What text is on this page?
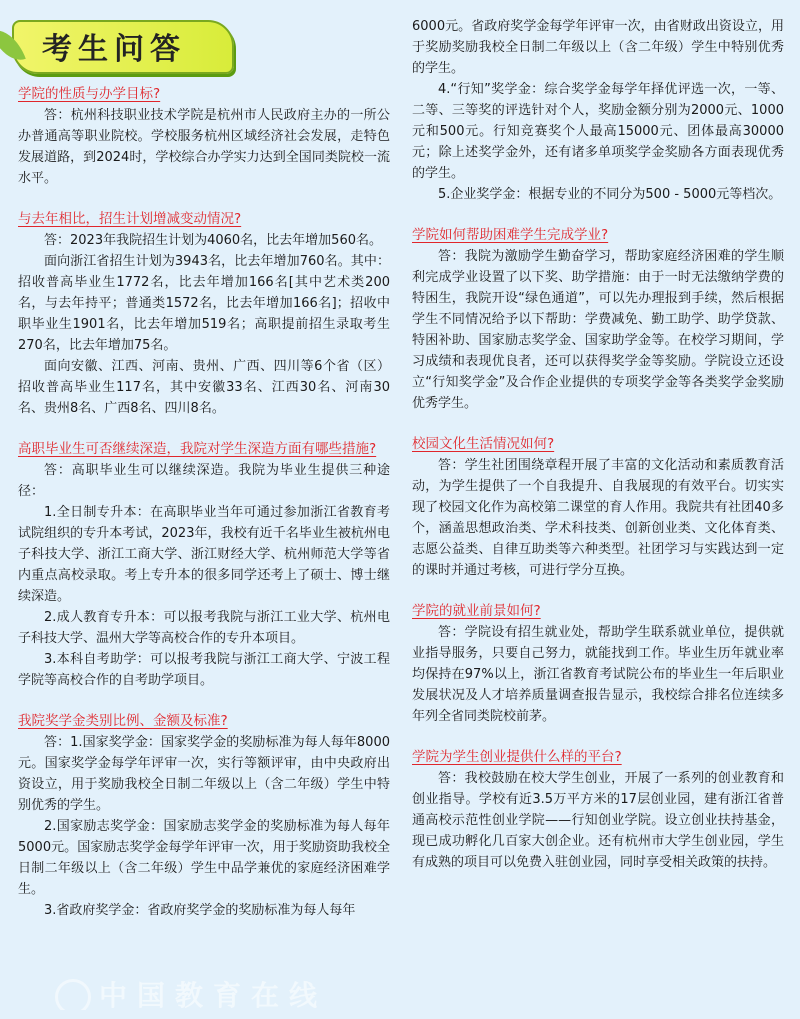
考生问答

学院的性质与办学目标?

答：杭州科技职业技术学院是杭州市人民政府主办的一所公办普通高等职业院校。学校服务杭州区域经济社会发展，走特色发展道路，到2024时，学校综合办学实力达到全国同类院校一流水平。

与去年相比，招生计划增减变动情况?

答：2023年我院招生计划为4060名，比去年增加560名。

面向浙江省招生计划为3943名，比去年增加760名。其中：招收普高毕业生1772名，比去年增加166名[其中艺术类200名，与去年持平；普通类1572名，比去年增加166名]；招收中职毕业生1901名，比去年增加519名；高职提前招生录取考生270名，比去年增加75名。

面向安徽、江西、河南、贵州、广西、四川等6个省（区）招收普高毕业生117名，其中安徽33名、江西30名、河南30名、贵州8名、广西8名、四川8名。

高职毕业生可否继续深造，我院对学生深造方面有哪些措施?

答：高职毕业生可以继续深造。我院为毕业生提供三种途径：

1.全日制专升本：在高职毕业当年可通过参加浙江省教育考试院组织的专升本考试，2023年，我校有近千名毕业生被杭州电子科技大学、浙江工商大学、浙江财经大学、杭州师范大学等省内重点高校录取。考上专升本的很多同学还考上了硕士、博士继续深造。

2.成人教育专升本：可以报考我院与浙江工业大学、杭州电子科技大学、温州大学等高校合作的专升本项目。

3.本科自考助学：可以报考我院与浙江工商大学、宁波工程学院等高校合作的自考助学项目。

我院奖学金类别比例、金额及标准?

答：1.国家奖学金：国家奖学金的奖励标准为每人每年8000元。国家奖学金每学年评审一次，实行等额评审，由中央政府出资设立，用于奖励我校全日制二年级以上（含二年级）学生中特别优秀的学生。

2.国家励志奖学金：国家励志奖学金的奖励标准为每人每年5000元。国家励志奖学金每学年评审一次，用于奖励资助我校全日制二年级以上（含二年级）学生中品学兼优的家庭经济困难学生。

3.省政府奖学金：省政府奖学金的奖励标准为每人每年

6000元。省政府奖学金每学年评审一次，由省财政出资设立，用于奖励奖励我校全日制二年级以上（含二年级）学生中特别优秀的学生。

4.“行知”奖学金：综合奖学金每学年择优评选一次，一等、二等、三等奖的评选针对个人，奖励金额分别为2000元、1000元和500元。行知竞赛奖个人最高15000元、团体最高30000元；除上述奖学金外，还有诸多单项奖学金奖励各方面表现优秀的学生。

5.企业奖学金：根据专业的不同分为500 - 5000元等档次。

学院如何帮助困难学生完成学业?

答：我院为激励学生勤奋学习，帮助家庭经济困难的学生顺利完成学业设置了以下奖、助学措施：由于一时无法缴纳学费的特困生，我院开设“绿色通道”，可以先办理报到手续，然后根据学生不同情况给予以下帮助：学费减免、勤工助学、助学贷款、特困补助、国家励志奖学金、国家助学金等。在校学习期间，学习成绩和表现优良者，还可以获得奖学金等奖励。学院设立还设立“行知奖学金”及合作企业提供的专项奖学金等各类奖学金奖励优秀学生。

校园文化生活情况如何?

答：学生社团围绕章程开展了丰富的文化活动和素质教育活动，为学生提供了一个自我提升、自我展现的有效平台。切实实现了校园文化作为高校第二课堂的育人作用。我院共有社团40多个，涵盖思想政治类、学术科技类、创新创业类、文化体育类、志愿公益类、自律互助类等六种类型。社团学习与实践达到一定的课时并通过考核，可进行学分互换。

学院的就业前景如何?

答：学院设有招生就业处，帮助学生联系就业单位，提供就业指导服务，只要自己努力，就能找到工作。毕业生历年就业率均保持在97%以上，浙江省教育考试院公布的毕业生一年后职业发展状况及人才培养质量调查报告显示，我校综合排名位连续多年列全省同类院校前茅。

学院为学生创业提供什么样的平台?

答：我校鼓励在校大学生创业，开展了一系列的创业教育和创业指导。学校有近3.5万平方米的17层创业园，建有浙江省普通高校示范性创业学院——行知创业学院。设立创业扶持基金，现已成功孵化几百家大创企业。还有杭州市大学生创业园，学生有成熟的项目可以免费入驻创业园，同时享受相关政策的扶持。

中国教育在线
